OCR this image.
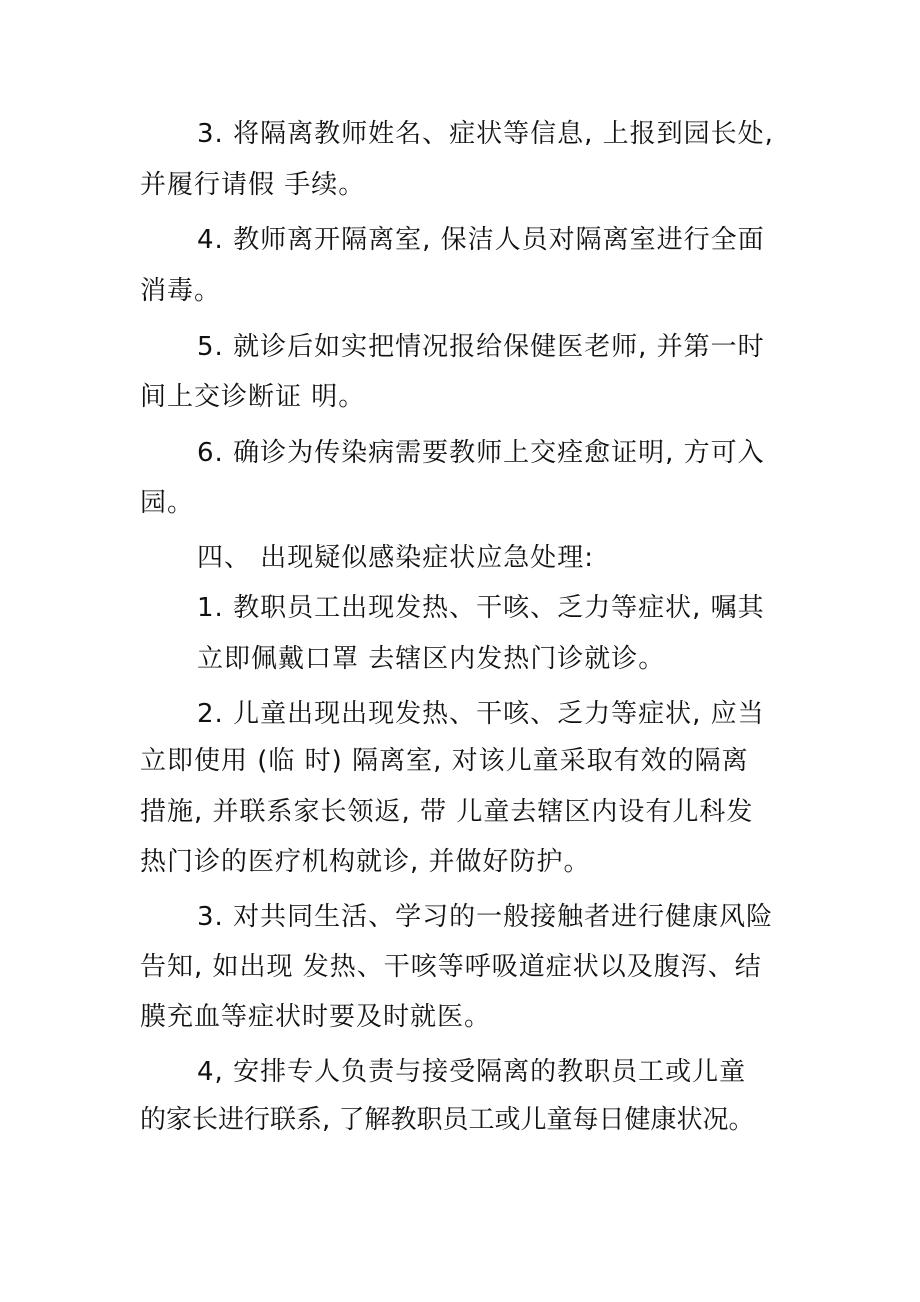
3. 将隔离教师姓名、症状等信息, 上报到园长处,
并履行请假 手续。
4. 教师离开隔离室, 保洁人员对隔离室进行全面
消毒。
5. 就诊后如实把情况报给保健医老师, 并第一时
间上交诊断证 明。
6. 确诊为传染病需要教师上交痊愈证明, 方可入
园。
四、 出现疑似感染症状应急处理:
1. 教职员工出现发热、干咳、乏力等症状, 嘱其
立即佩戴口罩 去辖区内发热门诊就诊。
2. 儿童出现出现发热、干咳、乏力等症状, 应当
立即使用 (临 时) 隔离室, 对该儿童采取有效的隔离
措施, 并联系家长领返, 带 儿童去辖区内设有儿科发
热门诊的医疗机构就诊, 并做好防护。
3. 对共同生活、学习的一般接触者进行健康风险
告知, 如出现 发热、干咳等呼吸道症状以及腹泻、结
膜充血等症状时要及时就医。
4, 安排专人负责与接受隔离的教职员工或儿童
的家长进行联系, 了解教职员工或儿童每日健康状况。
